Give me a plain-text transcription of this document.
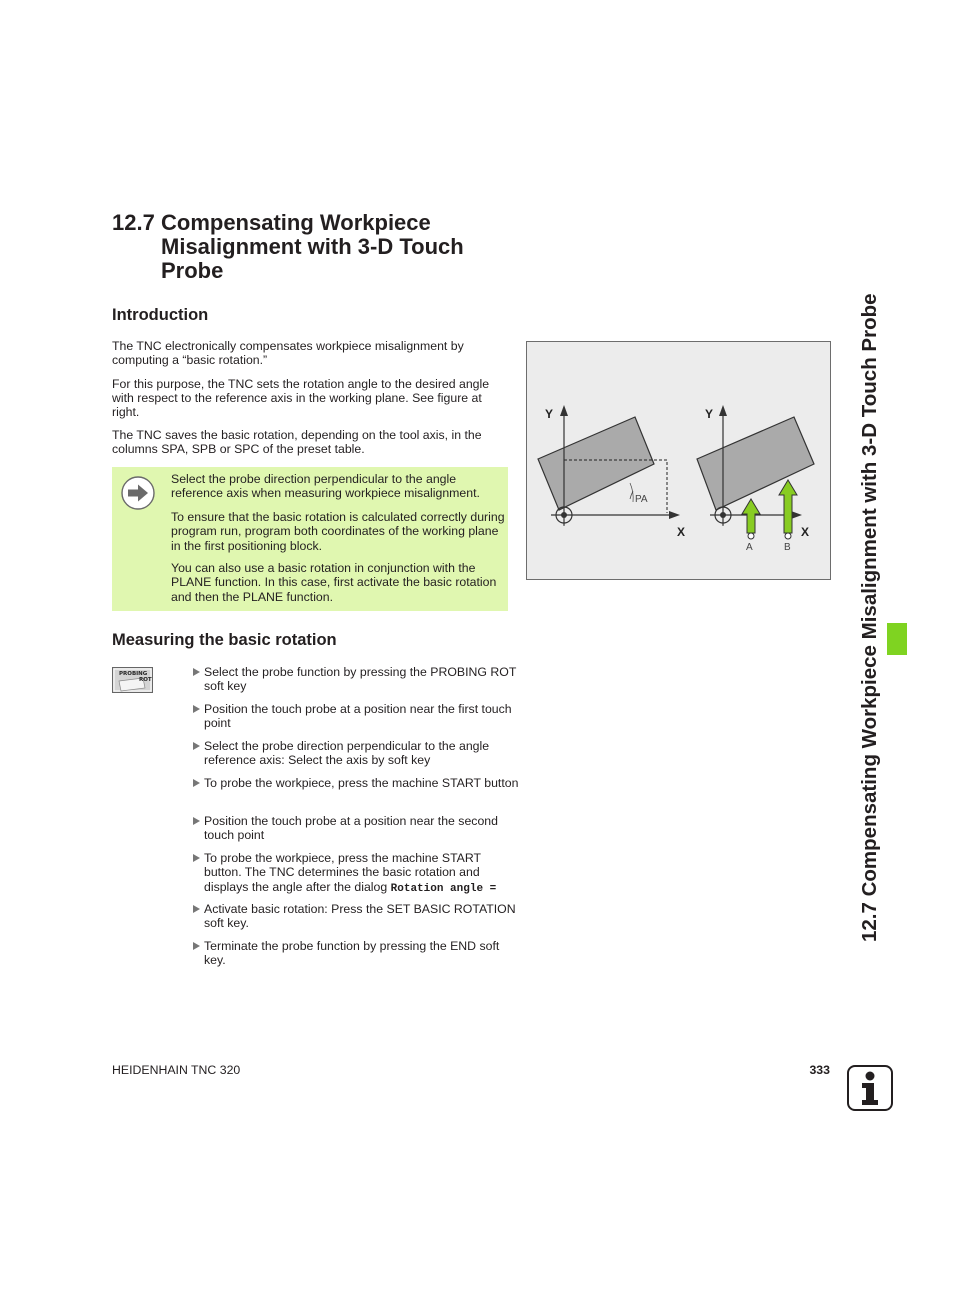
12.7 Compensating Workpiece Misalignment with 3-D Touch Probe
Introduction
The TNC electronically compensates workpiece misalignment by computing a “basic rotation.”
For this purpose, the TNC sets the rotation angle to the desired angle with respect to the reference axis in the working plane. See figure at right.
The TNC saves the basic rotation, depending on the tool axis, in the columns SPA, SPB or SPC of the preset table.
Select the probe direction perpendicular to the angle reference axis when measuring workpiece misalignment.
To ensure that the basic rotation is calculated correctly during program run, program both coordinates of the working plane in the first positioning block.
You can also use a basic rotation in conjunction with the PLANE function. In this case, first activate the basic rotation and then the PLANE function.
Measuring the basic rotation
PROBING
ROT
Select the probe function by pressing the PROBING ROT soft key
Position the touch probe at a position near the first touch point
Select the probe direction perpendicular to the angle reference axis: Select the axis by soft key
To probe the workpiece, press the machine START button
Position the touch probe at a position near the second touch point
To probe the workpiece, press the machine START button. The TNC determines the basic rotation and displays the angle after the dialog Rotation angle =
Activate basic rotation: Press the SET BASIC ROTATION soft key.
Terminate the probe function by pressing the END soft key.
Y
X
PA
Y
X
A	B	12.7 Compensating Workpiece Misalignment with 3-D Touch Probe
HEIDENHAIN TNC 320	333
